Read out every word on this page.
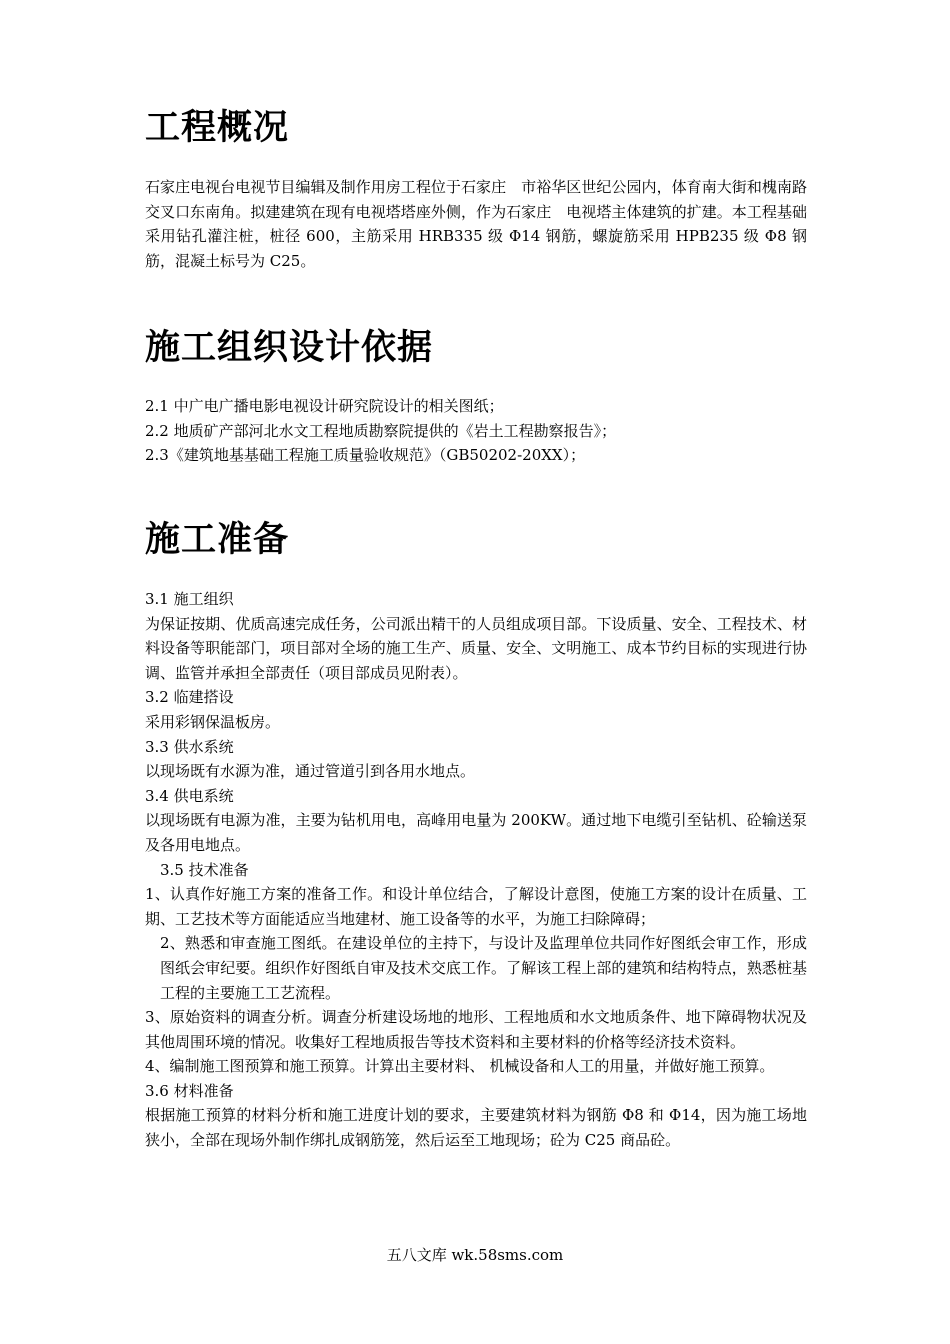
工程概况

石家庄电视台电视节目编辑及制作用房工程位于石家庄　市裕华区世纪公园内，体育南大街和槐南路交叉口东南角。拟建建筑在现有电视塔塔座外侧，作为石家庄　电视塔主体建筑的扩建。本工程基础采用钻孔灌注桩，桩径 600，主筋采用 HRB335 级 Φ14 钢筋，螺旋筋采用 HPB235 级 Φ8 钢筋，混凝土标号为 C25。

施工组织设计依据

2.1 中广电广播电影电视设计研究院设计的相关图纸；

2.2 地质矿产部河北水文工程地质勘察院提供的《岩土工程勘察报告》；

2.3《建筑地基基础工程施工质量验收规范》（GB50202-20XX）；

施工准备

3.1 施工组织

为保证按期、优质高速完成任务，公司派出精干的人员组成项目部。下设质量、安全、工程技术、材料设备等职能部门，项目部对全场的施工生产、质量、安全、文明施工、成本节约目标的实现进行协调、监管并承担全部责任（项目部成员见附表）。

3.2 临建搭设

采用彩钢保温板房。

3.3 供水系统

以现场既有水源为准，通过管道引到各用水地点。

3.4 供电系统

以现场既有电源为准，主要为钻机用电，高峰用电量为 200KW。通过地下电缆引至钻机、砼输送泵及各用电地点。

3.5 技术准备

1、认真作好施工方案的准备工作。和设计单位结合，了解设计意图，使施工方案的设计在质量、工期、工艺技术等方面能适应当地建材、施工设备等的水平，为施工扫除障碍；

2、熟悉和审查施工图纸。在建设单位的主持下，与设计及监理单位共同作好图纸会审工作，形成图纸会审纪要。组织作好图纸自审及技术交底工作。了解该工程上部的建筑和结构特点，熟悉桩基工程的主要施工工艺流程。

3、原始资料的调查分析。调查分析建设场地的地形、工程地质和水文地质条件、地下障碍物状况及其他周围环境的情况。收集好工程地质报告等技术资料和主要材料的价格等经济技术资料。

4、编制施工图预算和施工预算。计算出主要材料、 机械设备和人工的用量，并做好施工预算。

3.6 材料准备

根据施工预算的材料分析和施工进度计划的要求，主要建筑材料为钢筋 Φ8 和 Φ14，因为施工场地狭小，全部在现场外制作绑扎成钢筋笼，然后运至工地现场；砼为 C25 商品砼。

五八文库 wk.58sms.com
